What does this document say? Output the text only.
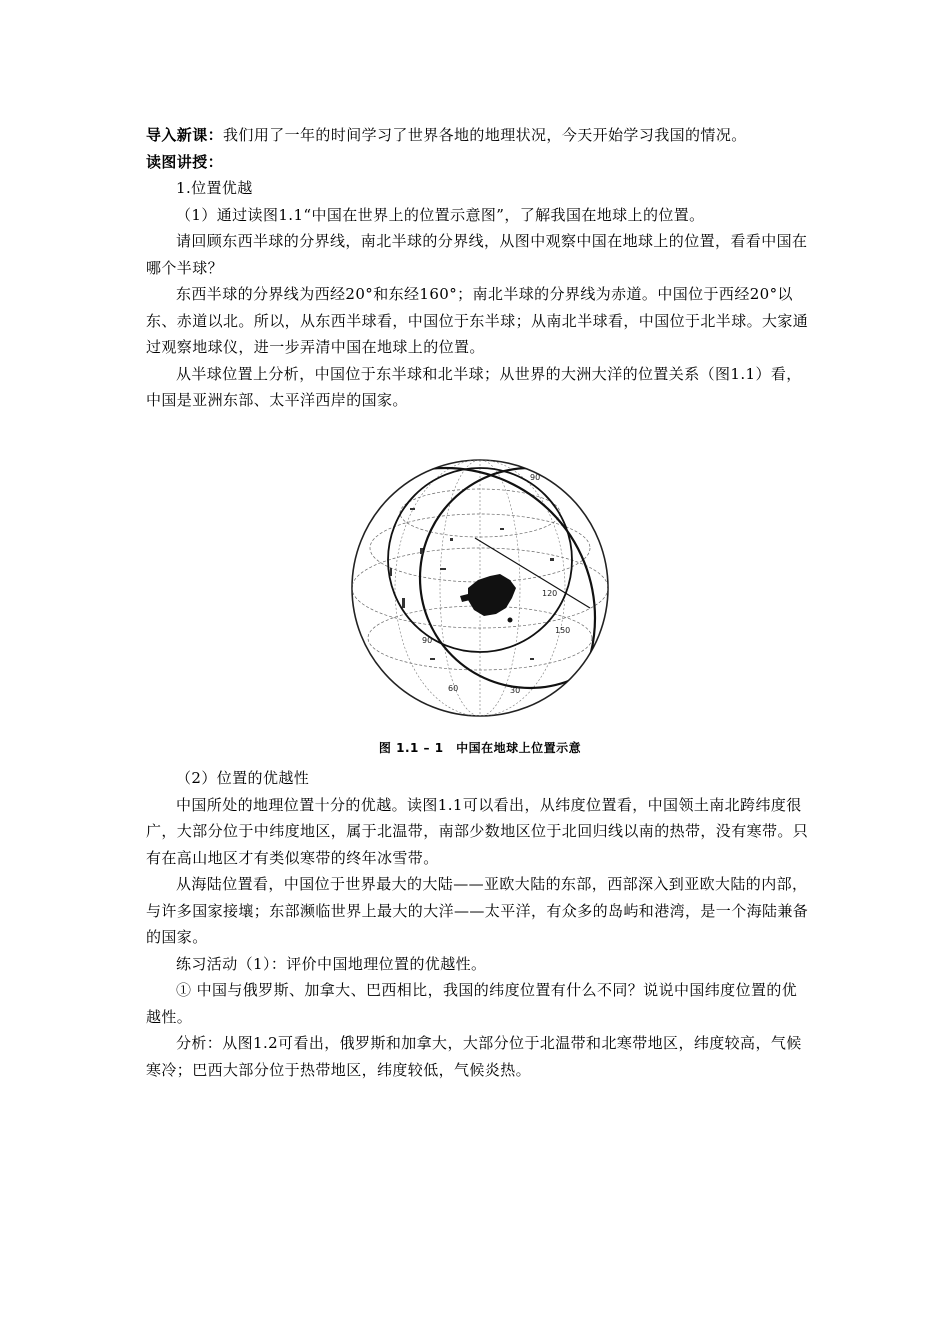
导入新课：我们用了一年的时间学习了世界各地的地理状况，今天开始学习我国的情况。

读图讲授：

1.位置优越

（1）通过读图1.1“中国在世界上的位置示意图”，了解我国在地球上的位置。

请回顾东西半球的分界线，南北半球的分界线，从图中观察中国在地球上的位置，看看中国在哪个半球？

东西半球的分界线为西经20°和东经160°；南北半球的分界线为赤道。中国位于西经20°以东、赤道以北。所以，从东西半球看，中国位于东半球；从南北半球看，中国位于北半球。大家通过观察地球仪，进一步弄清中国在地球上的位置。

从半球位置上分析，中国位于东半球和北半球；从世界的大洲大洋的位置关系（图1.1）看，中国是亚洲东部、太平洋西岸的国家。

90
90
120
150
60	30
图 1.1 – 1　中国在地球上位置示意

（2）位置的优越性

中国所处的地理位置十分的优越。读图1.1可以看出，从纬度位置看，中国领土南北跨纬度很广，大部分位于中纬度地区，属于北温带，南部少数地区位于北回归线以南的热带，没有寒带。只有在高山地区才有类似寒带的终年冰雪带。

从海陆位置看，中国位于世界最大的大陆——亚欧大陆的东部，西部深入到亚欧大陆的内部，与许多国家接壤；东部濒临世界上最大的大洋——太平洋，有众多的岛屿和港湾，是一个海陆兼备的国家。

练习活动（1）：评价中国地理位置的优越性。

① 中国与俄罗斯、加拿大、巴西相比，我国的纬度位置有什么不同？说说中国纬度位置的优越性。

分析：从图1.2可看出，俄罗斯和加拿大，大部分位于北温带和北寒带地区，纬度较高，气候寒冷；巴西大部分位于热带地区，纬度较低，气候炎热。
